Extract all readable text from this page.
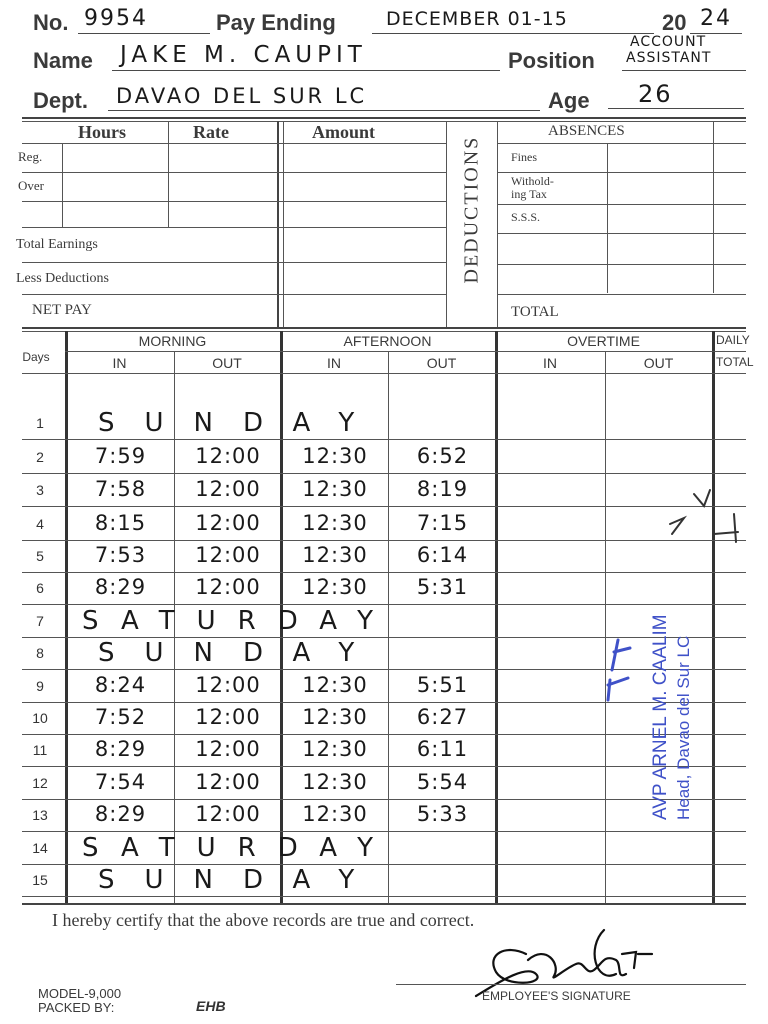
No. 9954	Pay Ending	DECEMBER 01-15	20 24
Name JAKE M. CAUPIT	Position
ACCOUNT
ASSISTANT
Dept. DAVAO DEL SUR LC	Age 26
Hours	Rate	Amount	ABSENCES
Reg.
Over
Total Earnings
Less Deductions
NET PAY
DEDUCTIONS Fines
Withold-
ing Tax
S.S.S.
TOTAL
Days
MORNING	AFTERNOON	OVERTIME	DAILY
TOTAL
IN	OUT	IN	OUT	IN	OUT
1 SUNDAY
2	7:59	12:00	12:30	6:52
3	7:58	12:00	12:30	8:19
4	8:15	12:00	12:30	7:15
5	7:53	12:00	12:30	6:14
6	8:29	12:00	12:30	5:31
7 SATURDAY
8 SUNDAY
9	8:24	12:00	12:30	5:51
10	7:52	12:00	12:30	6:27
11	8:29	12:00	12:30	6:11
12	7:54	12:00	12:30	5:54
13	8:29	12:00	12:30	5:33
14 SATURDAY
15 SUNDAY
AVP ARNEL M. CAALIM Head, Davao del Sur LC
I hereby certify that the above records are true and correct.
MODEL-9,000
PACKED BY:	EHB
EMPLOYEE'S SIGNATURE
